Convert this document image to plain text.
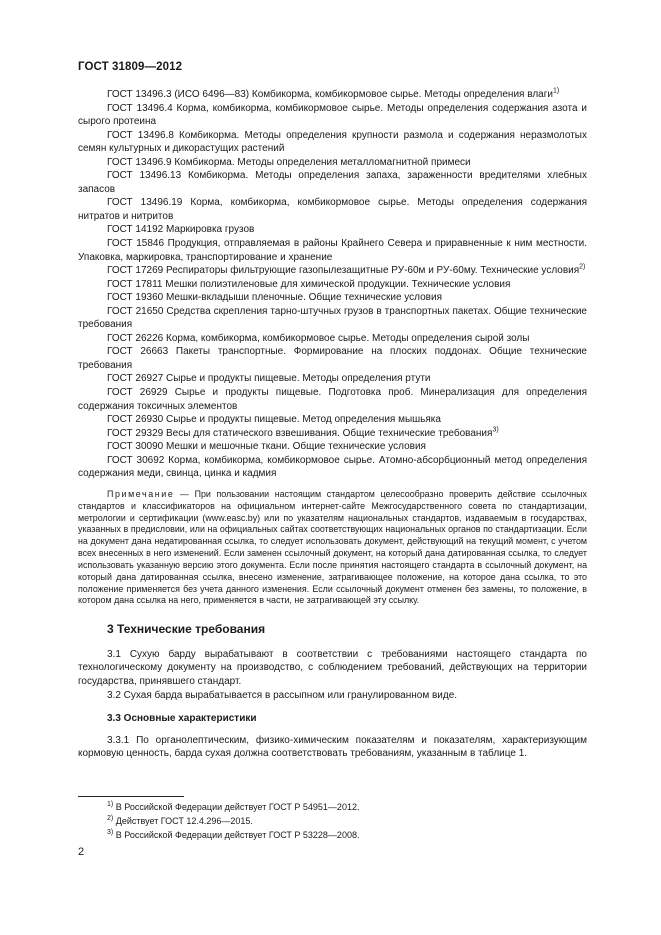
ГОСТ 31809—2012

ГОСТ 13496.3 (ИСО 6496—83) Комбикорма, комбикормовое сырье. Методы определения влаги$^{1)}$

ГОСТ 13496.4 Корма, комбикорма, комбикормовое сырье. Методы определения содержания азота и сырого протеина

ГОСТ 13496.8 Комбикорма. Методы определения крупности размола и содержания неразмолотых семян культурных и дикорастущих растений

ГОСТ 13496.9 Комбикорма. Методы определения металломагнитной примеси

ГОСТ 13496.13 Комбикорма. Методы определения запаха, зараженности вредителями хлебных запасов

ГОСТ 13496.19 Корма, комбикорма, комбикормовое сырье. Методы определения содержания нитратов и нитритов

ГОСТ 14192 Маркировка грузов

ГОСТ 15846 Продукция, отправляемая в районы Крайнего Севера и приравненные к ним местности. Упаковка, маркировка, транспортирование и хранение

ГОСТ 17269 Респираторы фильтрующие газопылезащитные РУ-60м и РУ-60му. Технические условия$^{2)}$

ГОСТ 17811 Мешки полиэтиленовые для химической продукции. Технические условия

ГОСТ 19360 Мешки-вкладыши пленочные. Общие технические условия

ГОСТ 21650 Средства скрепления тарно-штучных грузов в транспортных пакетах. Общие технические требования

ГОСТ 26226 Корма, комбикорма, комбикормовое сырье. Методы определения сырой золы

ГОСТ 26663 Пакеты транспортные. Формирование на плоских поддонах. Общие технические требования

ГОСТ 26927 Сырье и продукты пищевые. Методы определения ртути

ГОСТ 26929 Сырье и продукты пищевые. Подготовка проб. Минерализация для определения содержания токсичных элементов

ГОСТ 26930 Сырье и продукты пищевые. Метод определения мышьяка

ГОСТ 29329 Весы для статического взвешивания. Общие технические требования$^{3)}$

ГОСТ 30090 Мешки и мешочные ткани. Общие технические условия

ГОСТ 30692 Корма, комбикорма, комбикормовое сырье. Атомно-абсорбционный метод определения содержания меди, свинца, цинка и кадмия

Примечание — При пользовании настоящим стандартом целесообразно проверить действие ссылочных стандартов и классификаторов на официальном интернет-сайте Межгосударственного совета по стандартизации, метрологии и сертификации (www.easc.by) или по указателям национальных стандартов, издаваемым в государствах, указанных в предисловии, или на официальных сайтах соответствующих национальных органов по стандартизации. Если на документ дана недатированная ссылка, то следует использовать документ, действующий на текущий момент, с учетом всех внесенных в него изменений. Если заменен ссылочный документ, на который дана датированная ссылка, то следует использовать указанную версию этого документа. Если после принятия настоящего стандарта в ссылочный документ, на который дана датированная ссылка, внесено изменение, затрагивающее положение, на которое дана ссылка, то это положение применяется без учета данного изменения. Если ссылочный документ отменен без замены, то положение, в котором дана ссылка на него, применяется в части, не затрагивающей эту ссылку.
3 Технические требования

3.1 Сухую барду вырабатывают в соответствии с требованиями настоящего стандарта по технологическому документу на производство, с соблюдением требований, действующих на территории государства, принявшего стандарт.

3.2 Сухая барда вырабатывается в рассыпном или гранулированном виде.

3.3 Основные характеристики

3.3.1 По органолептическим, физико-химическим показателям и показателям, характеризующим кормовую ценность, барда сухая должна соответствовать требованиям, указанным в таблице 1.

$^{1)}$ В Российской Федерации действует ГОСТ Р 54951—2012.
$^{2)}$ Действует ГОСТ 12.4.296—2015.
$^{3)}$ В Российской Федерации действует ГОСТ Р 53228—2008.
2
